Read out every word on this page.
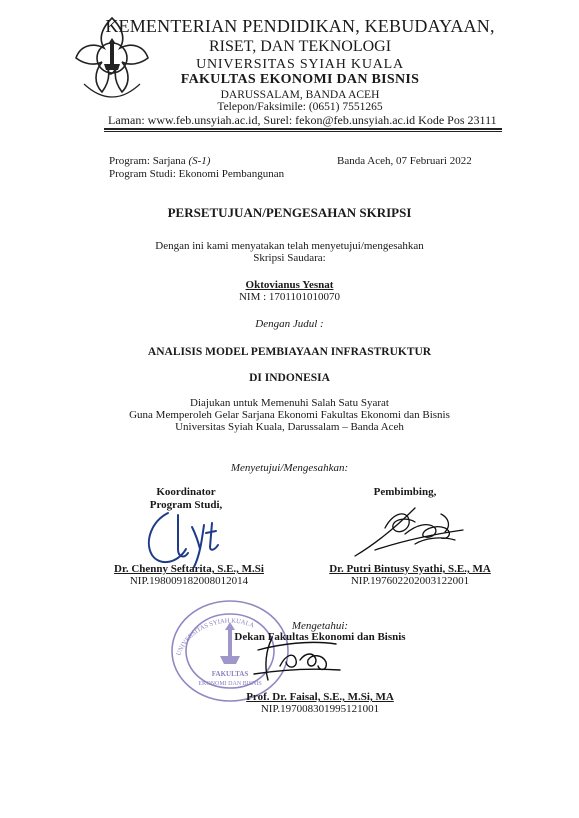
KEMENTERIAN PENDIDIKAN, KEBUDAYAAN,
RISET, DAN TEKNOLOGI
UNIVERSITAS SYIAH KUALA
FAKULTAS EKONOMI DAN BISNIS
DARUSSALAM, BANDA ACEH
Telepon/Faksimile: (0651) 7551265
Laman: www.feb.unsyiah.ac.id, Surel: fekon@feb.unsyiah.ac.id Kode Pos 23111
Program: Sarjana (S-1)
Program Studi: Ekonomi Pembangunan
Banda Aceh, 07 Februari 2022
PERSETUJUAN/PENGESAHAN SKRIPSI
Dengan ini kami menyatakan telah menyetujui/mengesahkan
Skripsi Saudara:
Oktovianus Yesnat
NIM : 1701101010070
Dengan Judul :
ANALISIS MODEL PEMBIAYAAN INFRASTRUKTUR
DI INDONESIA
Diajukan untuk Memenuhi Salah Satu Syarat
Guna Memperoleh Gelar Sarjana Ekonomi Fakultas Ekonomi dan Bisnis
Universitas Syiah Kuala, Darussalam – Banda Aceh
Menyetujui/Mengesahkan:
Koordinator
Program Studi,
Pembimbing,
Dr. Chenny Seftarita, S.E., M.Si
NIP.198009182008012014
Dr. Putri Bintusy Syathi, S.E., MA
NIP.197602202003122001
UNIVERSITAS SYIAH KUALA
FAKULTAS
EKONOMI DAN BISNIS
Mengetahui:
Dekan Fakultas Ekonomi dan Bisnis
Prof. Dr. Faisal, S.E., M.Si, MA
NIP.197008301995121001
